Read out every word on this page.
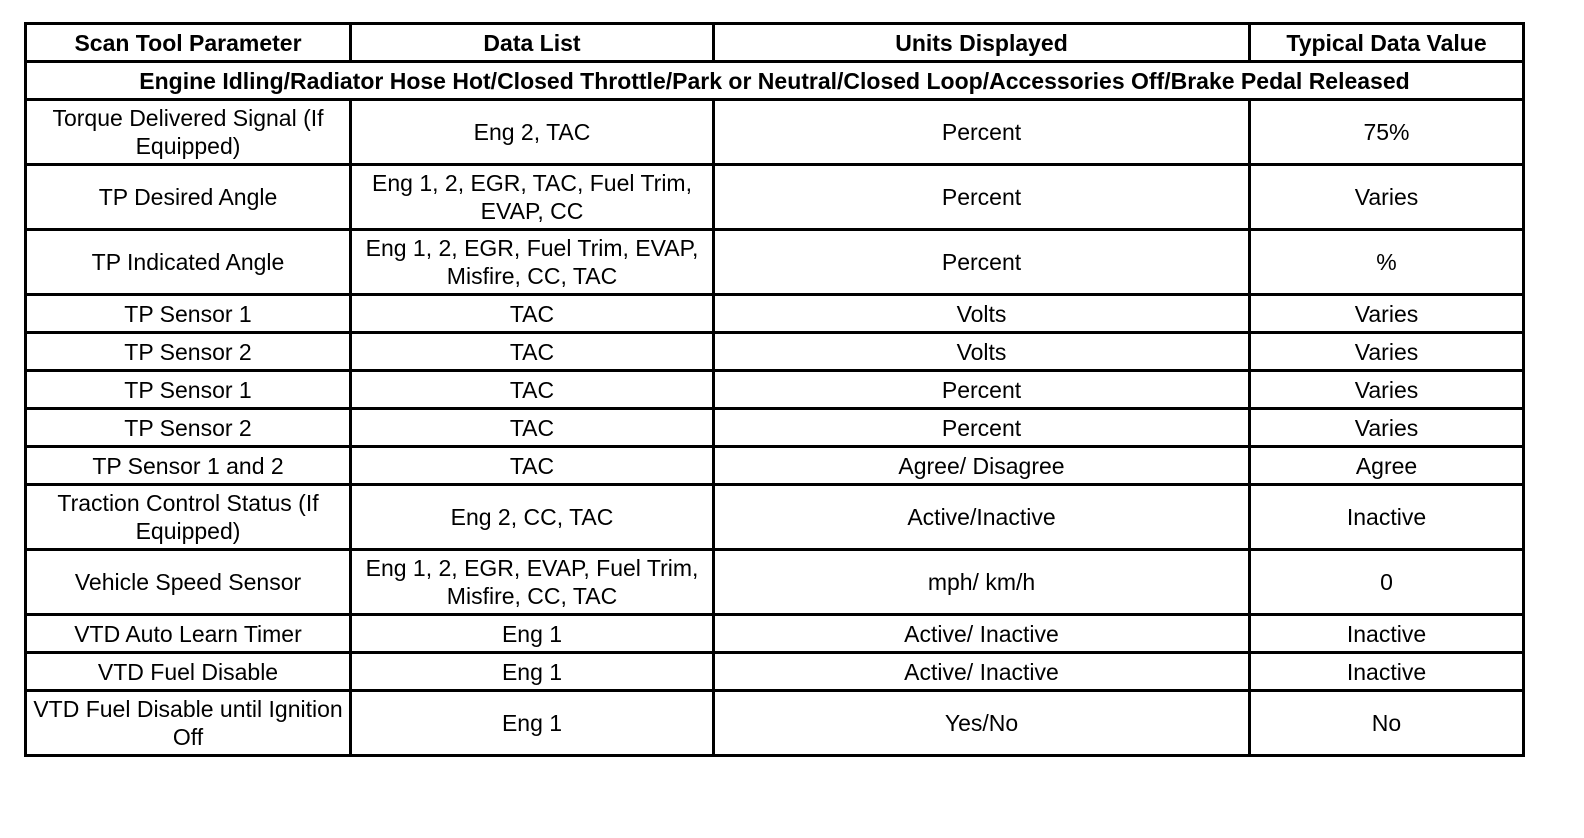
Scan Tool Parameter	Data List	Units Displayed	Typical Data Value
Engine Idling/Radiator Hose Hot/Closed Throttle/Park or Neutral/Closed Loop/Accessories Off/Brake Pedal Released			
Torque Delivered Signal (If Equipped)	Eng 2, TAC	Percent	75%
TP Desired Angle	Eng 1, 2, EGR, TAC, Fuel Trim, EVAP, CC	Percent	Varies
TP Indicated Angle	Eng 1, 2, EGR, Fuel Trim, EVAP, Misfire, CC, TAC	Percent	%
TP Sensor 1	TAC	Volts	Varies
TP Sensor 2	TAC	Volts	Varies
TP Sensor 1	TAC	Percent	Varies
TP Sensor 2	TAC	Percent	Varies
TP Sensor 1 and 2	TAC	Agree/ Disagree	Agree
Traction Control Status (If Equipped)	Eng 2, CC, TAC	Active/Inactive	Inactive
Vehicle Speed Sensor	Eng 1, 2, EGR, EVAP, Fuel Trim, Misfire, CC, TAC	mph/ km/h	0
VTD Auto Learn Timer	Eng 1	Active/ Inactive	Inactive
VTD Fuel Disable	Eng 1	Active/ Inactive	Inactive
VTD Fuel Disable until Ignition Off	Eng 1	Yes/No	No
